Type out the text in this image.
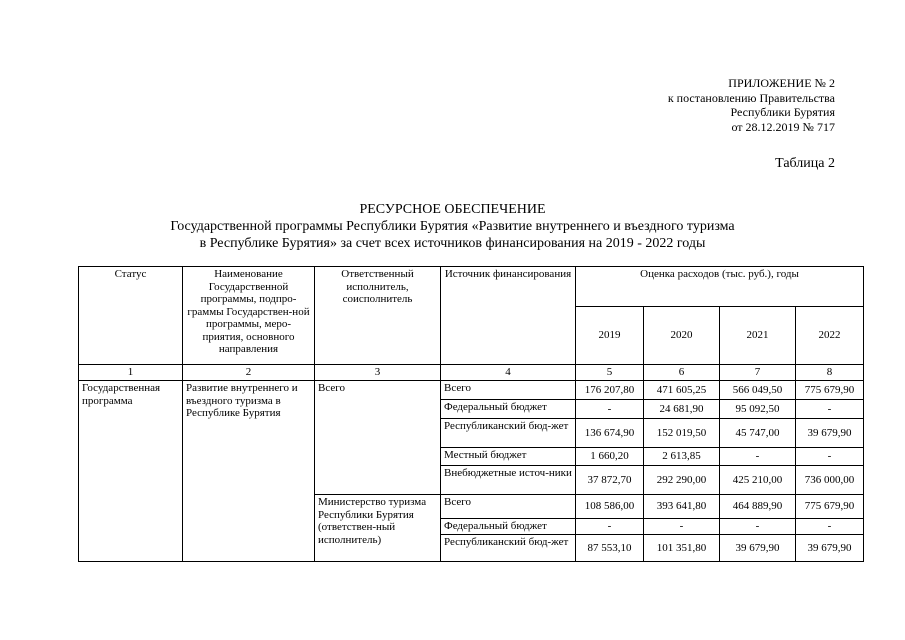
ПРИЛОЖЕНИЕ № 2
к постановлению Правительства
Республики Бурятия
от 28.12.2019 № 717
Таблица 2
РЕСУРСНОЕ ОБЕСПЕЧЕНИЕ
Государственной программы Республики Бурятия «Развитие внутреннего и въездного туризма
в Республике Бурятия» за счет всех источников финансирования на 2019 - 2022 годы
Статус	Наименование Государственной программы, подпро-граммы Государствен-ной программы, меро-приятия, основного направления	Ответственный исполнитель, соисполнитель	Источник финансирования	Оценка расходов (тыс. руб.), годы			
				2019	2020	2021	2022
1	2	3	4	5	6	7	8
Государственная программа	Развитие внутреннего и въездного туризма в Республике Бурятия	Всего	Всего	176 207,80	471 605,25	566 049,50	775 679,90
			Федеральный бюджет	-	24 681,90	95 092,50	-
			Республиканский бюд-жет	136 674,90	152 019,50	45 747,00	39 679,90
			Местный бюджет	1 660,20	2 613,85	-	-
			Внебюджетные источ-ники	37 872,70	292 290,00	425 210,00	736 000,00
		Министерство туризма Республики Бурятия (ответствен-ный исполнитель)	Всего	108 586,00	393 641,80	464 889,90	775 679,90
			Федеральный бюджет	-	-	-	-
			Республиканский бюд-жет	87 553,10	101 351,80	39 679,90	39 679,90
